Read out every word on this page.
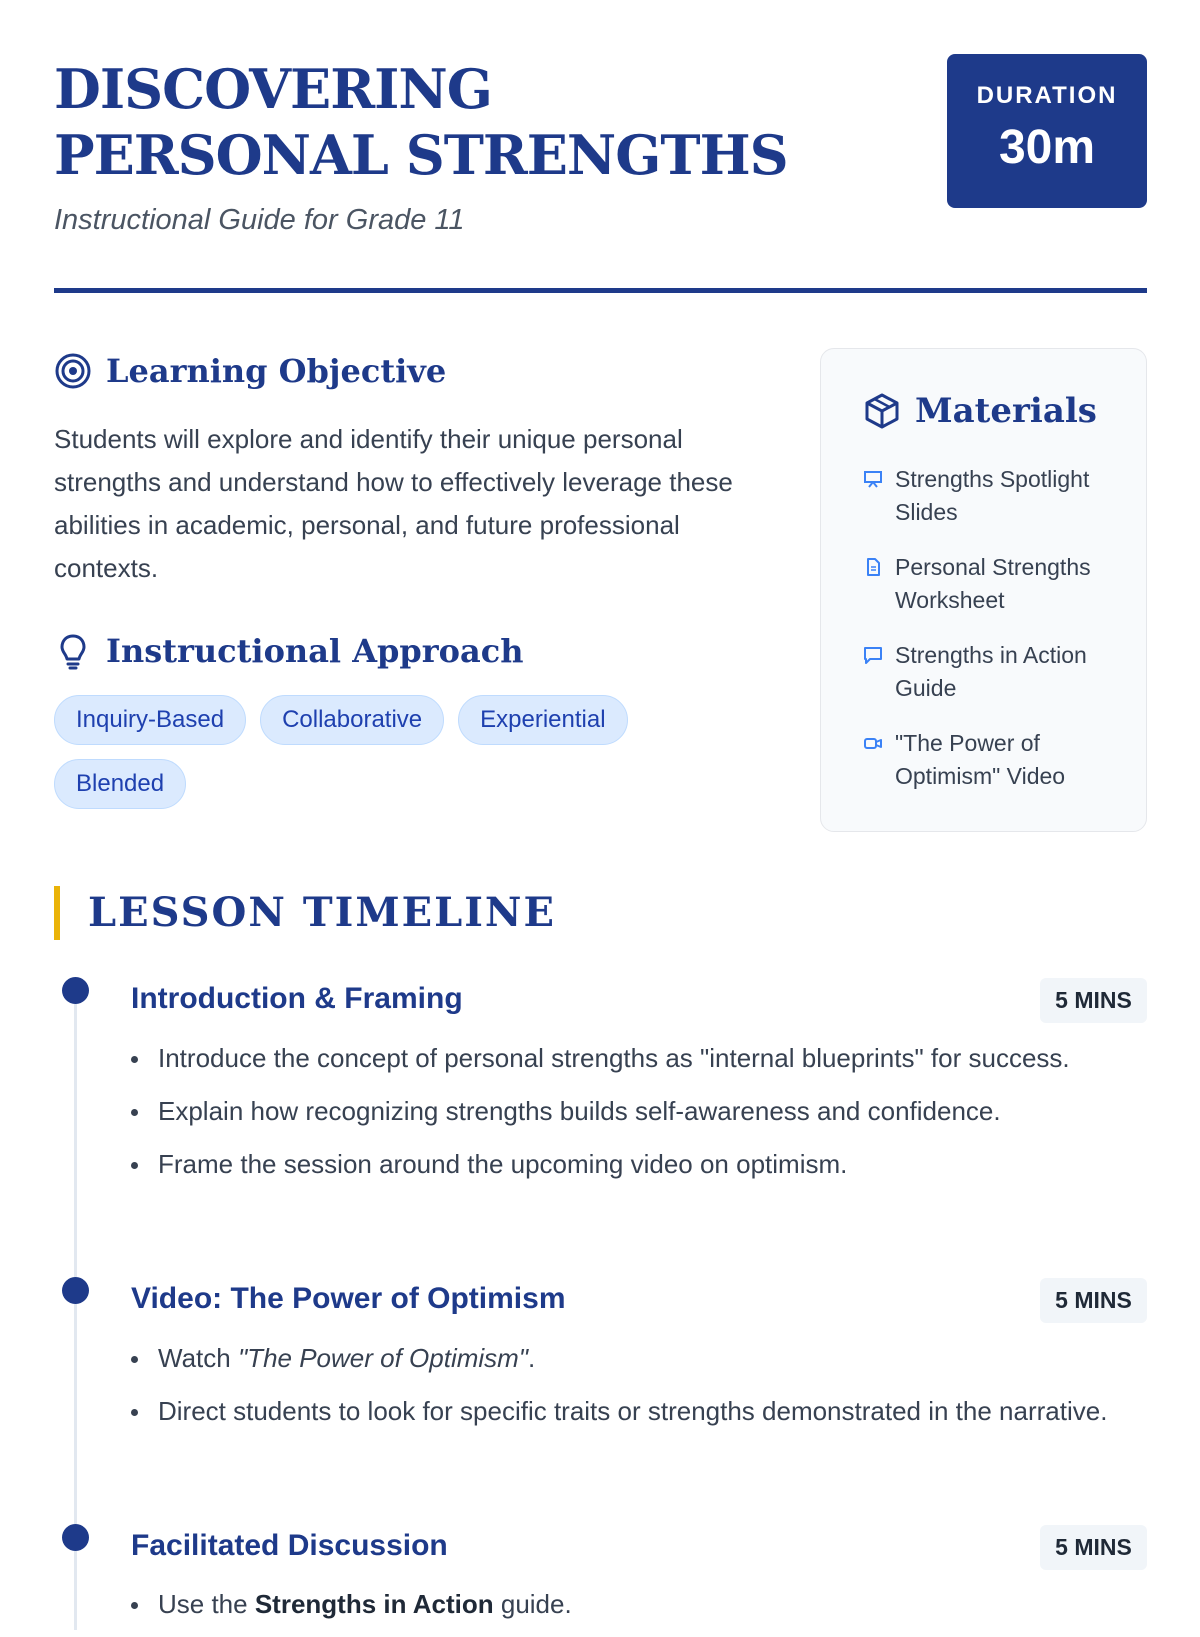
DISCOVERING PERSONAL STRENGTHS
Instructional Guide for Grade 11
DURATION
30m
Learning Objective
Students will explore and identify their unique personal strengths and understand how to effectively leverage these abilities in academic, personal, and future professional contexts.
Instructional Approach
Inquiry-Based	Collaborative	Experiential
Blended
Materials
Strengths Spotlight Slides
Personal Strengths Worksheet
Strengths in Action Guide
"The Power of Optimism" Video
LESSON TIMELINE
Introduction & Framing	5 MINS
Introduce the concept of personal strengths as "internal blueprints" for success.
Explain how recognizing strengths builds self-awareness and confidence.
Frame the session around the upcoming video on optimism.
Video: The Power of Optimism	5 MINS
Watch "The Power of Optimism".
Direct students to look for specific traits or strengths demonstrated in the narrative.
Facilitated Discussion	5 MINS
Use the Strengths in Action guide.
